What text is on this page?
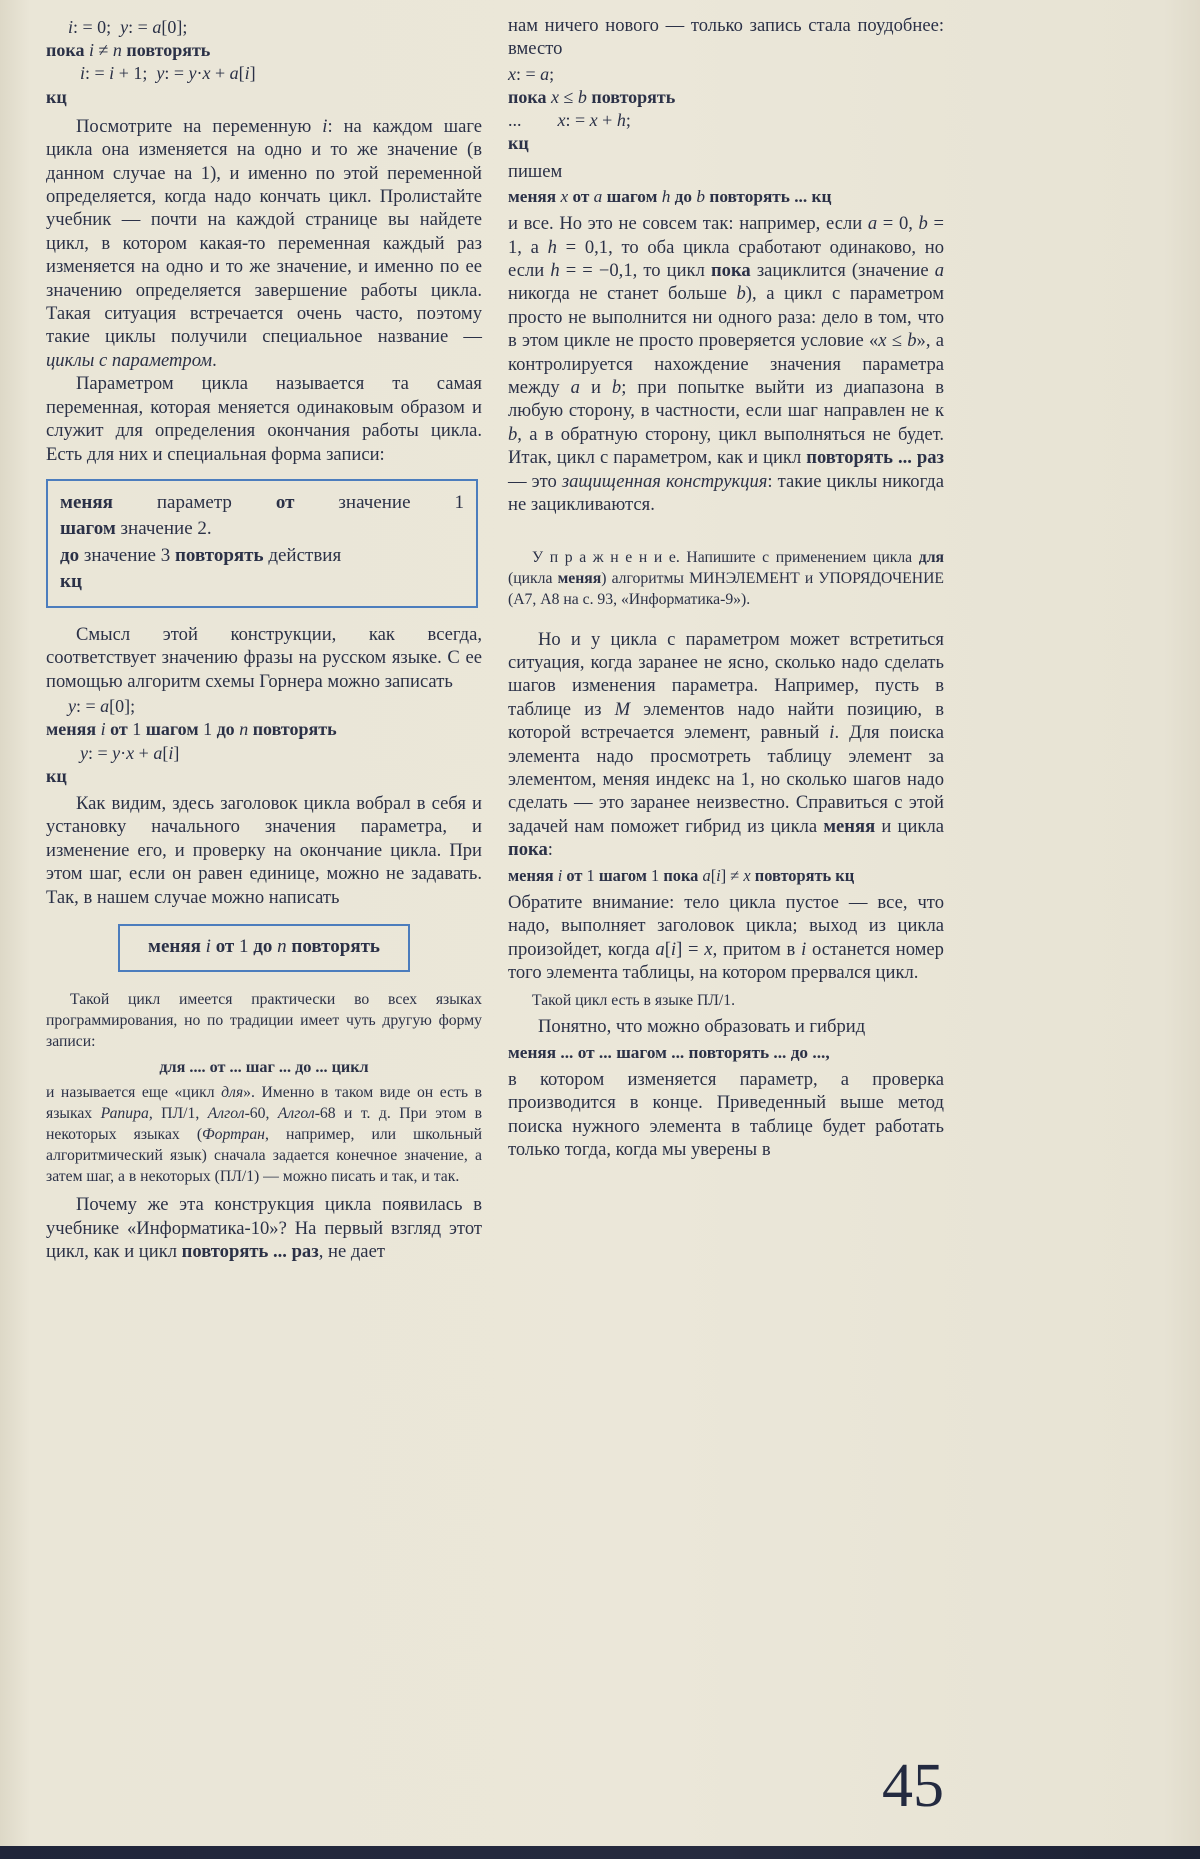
i: = 0;  y: = a[0];
пока i ≠ n повторять
i: = i + 1;  y: = y·x + a[i]
кц

Посмотрите на переменную i: на каждом шаге цикла она изменяется на одно и то же значение (в данном случае на 1), и именно по этой переменной определяется, когда надо кончать цикл. Пролистайте учебник — почти на каждой странице вы найдете цикл, в котором какая-то переменная каждый раз изменяется на одно и то же значение, и именно по ее значению определяется завершение работы цикла. Такая ситуация встречается очень часто, поэтому такие циклы получили специальное название — циклы с параметром.

Параметром цикла называется та самая переменная, которая меняется одинаковым образом и служит для определения окончания работы цикла. Есть для них и специальная форма записи:

меняя параметр от значение 1
шагом значение 2.
до значение 3 повторять действия
кц

Смысл этой конструкции, как всегда, соответствует значению фразы на русском языке. С ее помощью алгоритм схемы Горнера можно записать

y: = a[0];
меняя i от 1 шагом 1 до n повторять
y: = y·x + a[i]
кц

Как видим, здесь заголовок цикла вобрал в себя и установку начального значения параметра, и изменение его, и проверку на окончание цикла. При этом шаг, если он равен единице, можно не задавать. Так, в нашем случае можно написать

меняя i от 1 до n повторять

Такой цикл имеется практически во всех языках программирования, но по традиции имеет чуть другую форму записи:

для .... от ... шаг ... до ... цикл

и называется еще «цикл для». Именно в таком виде он есть в языках Рапира, ПЛ/1, Алгол-60, Алгол-68 и т. д. При этом в некоторых языках (Фортран, например, или школьный алгоритмический язык) сначала задается конечное значение, а затем шаг, а в некоторых (ПЛ/1) — можно писать и так, и так.

Почему же эта конструкция цикла появилась в учебнике «Информатика-10»? На первый взгляд этот цикл, как и цикл повторять ... раз, не дает

нам ничего нового — только запись стала поудобнее: вместо

x: = a;
пока x ≤ b повторять
...        x: = x + h;
кц

пишем

меняя x от a шагом h до b повторять ... кц

и все. Но это не совсем так: например, если a = 0, b = 1, а h = 0,1, то оба цикла сработают одинаково, но если h = = −0,1, то цикл пока зациклится (значение a никогда не станет больше b), а цикл с параметром просто не выполнится ни одного раза: дело в том, что в этом цикле не просто проверяется условие «x ≤ b», а контролируется нахождение значения параметра между a и b; при попытке выйти из диапазона в любую сторону, в частности, если шаг направлен не к b, а в обратную сторону, цикл выполняться не будет. Итак, цикл с параметром, как и цикл повторять ... раз — это защищенная конструкция: такие циклы никогда не зацикливаются.

У п р а ж н е н и е. Напишите с применением цикла для (цикла меняя) алгоритмы МИНЭЛЕМЕНТ и УПОРЯДОЧЕНИЕ (А7, А8 на с. 93, «Информатика-9»).

Но и у цикла с параметром может встретиться ситуация, когда заранее не ясно, сколько надо сделать шагов изменения параметра. Например, пусть в таблице из M элементов надо найти позицию, в которой встречается элемент, равный i. Для поиска элемента надо просмотреть таблицу элемент за элементом, меняя индекс на 1, но сколько шагов надо сделать — это заранее неизвестно. Справиться с этой задачей нам поможет гибрид из цикла меняя и цикла пока:

меняя i от 1 шагом 1 пока a[i] ≠ x повторять кц

Обратите внимание: тело цикла пустое — все, что надо, выполняет заголовок цикла; выход из цикла произойдет, когда a[i] = x, притом в i останется номер того элемента таблицы, на котором прервался цикл.

Такой цикл есть в языке ПЛ/1.

Понятно, что можно образовать и гибрид

меняя ... от ... шагом ... повторять ... до ...,

в котором изменяется параметр, а проверка производится в конце. Приведенный выше метод поиска нужного элемента в таблице будет работать только тогда, когда мы уверены в

45
